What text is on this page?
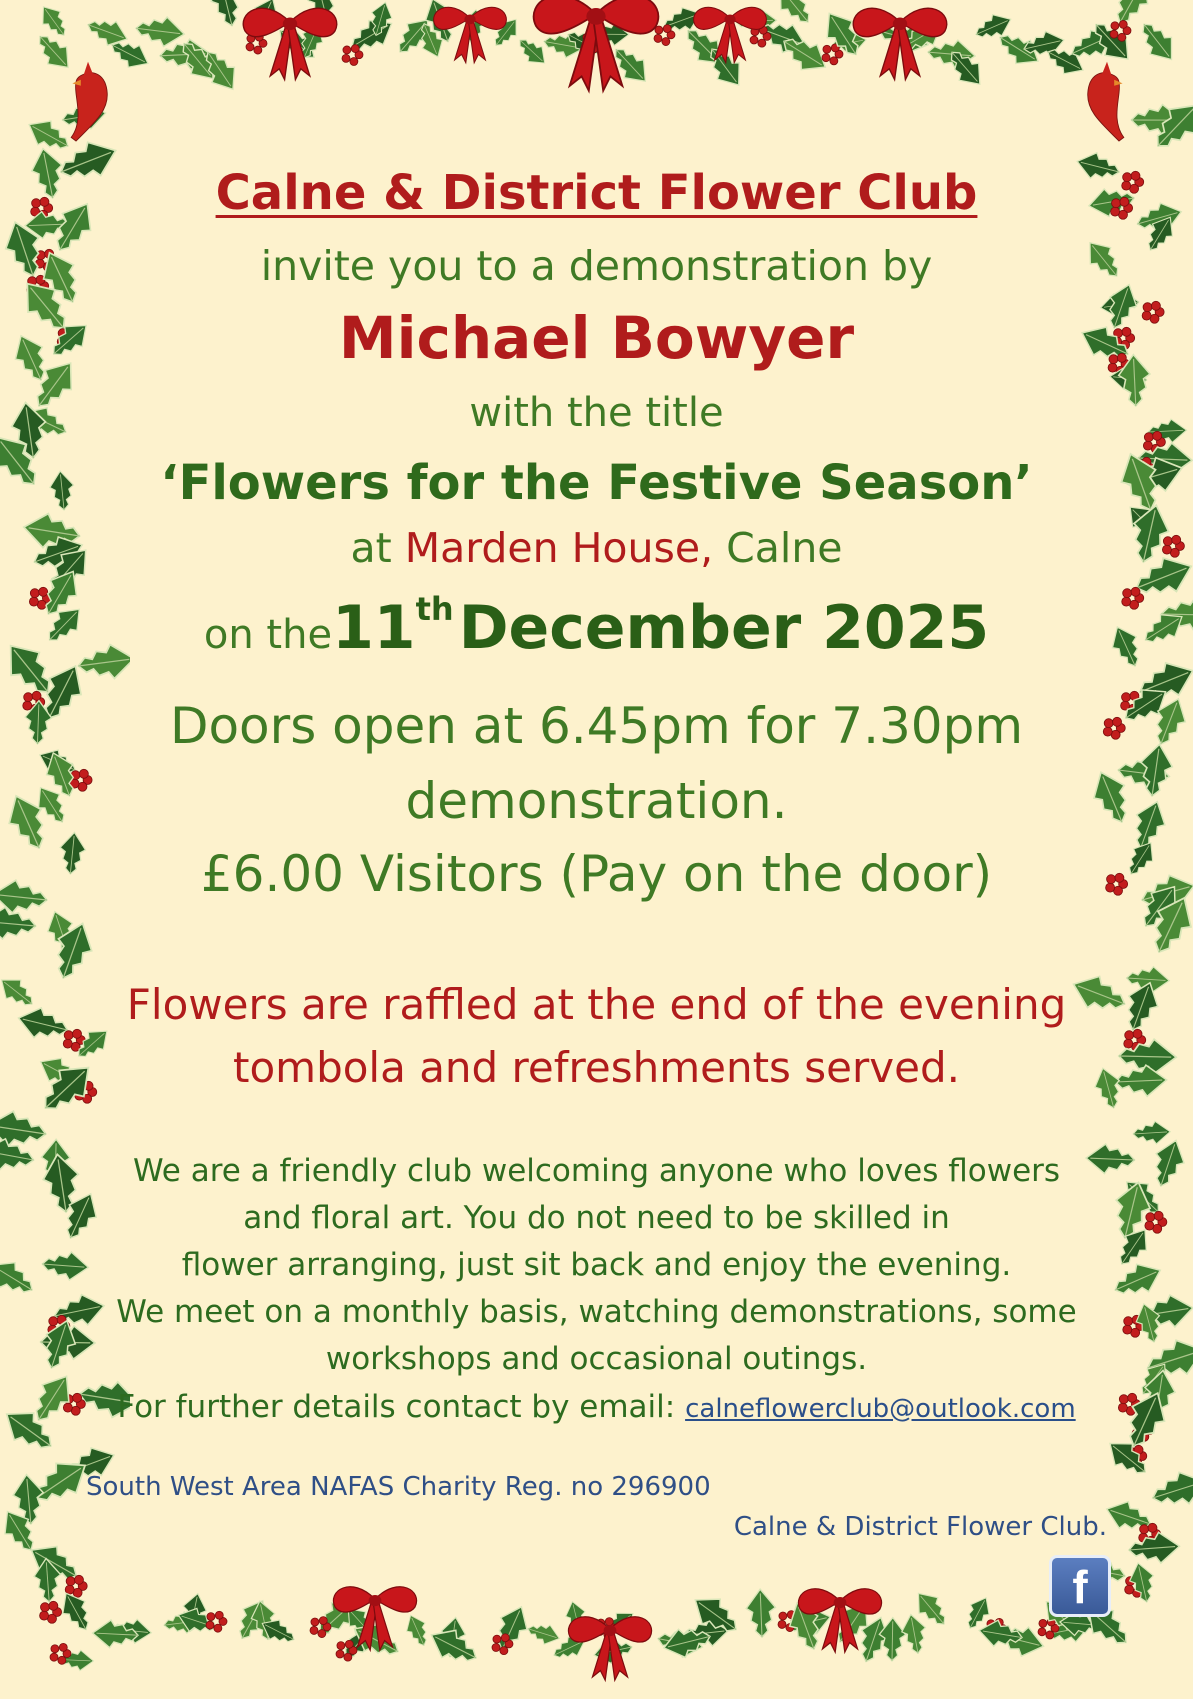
Calne & District Flower Club

invite you to a demonstration by

Michael Bowyer

with the title

‘Flowers for the Festive Season’

at Marden House, Calne

on the11th December 2025

Doors open at 6.45pm for 7.30pm

demonstration.

£6.00 Visitors (Pay on the door)

Flowers are raffled at the end of the evening

tombola and refreshments served.

We are a friendly club welcoming anyone who loves flowers

and floral art. You do not need to be skilled in

flower arranging, just sit back and enjoy the evening.

We meet on a monthly basis, watching demonstrations, some

workshops and occasional outings.

For further details contact by email: calneflowerclub@outlook.com

South West Area NAFAS Charity Reg. no 296900
Calne & District Flower Club.
f
